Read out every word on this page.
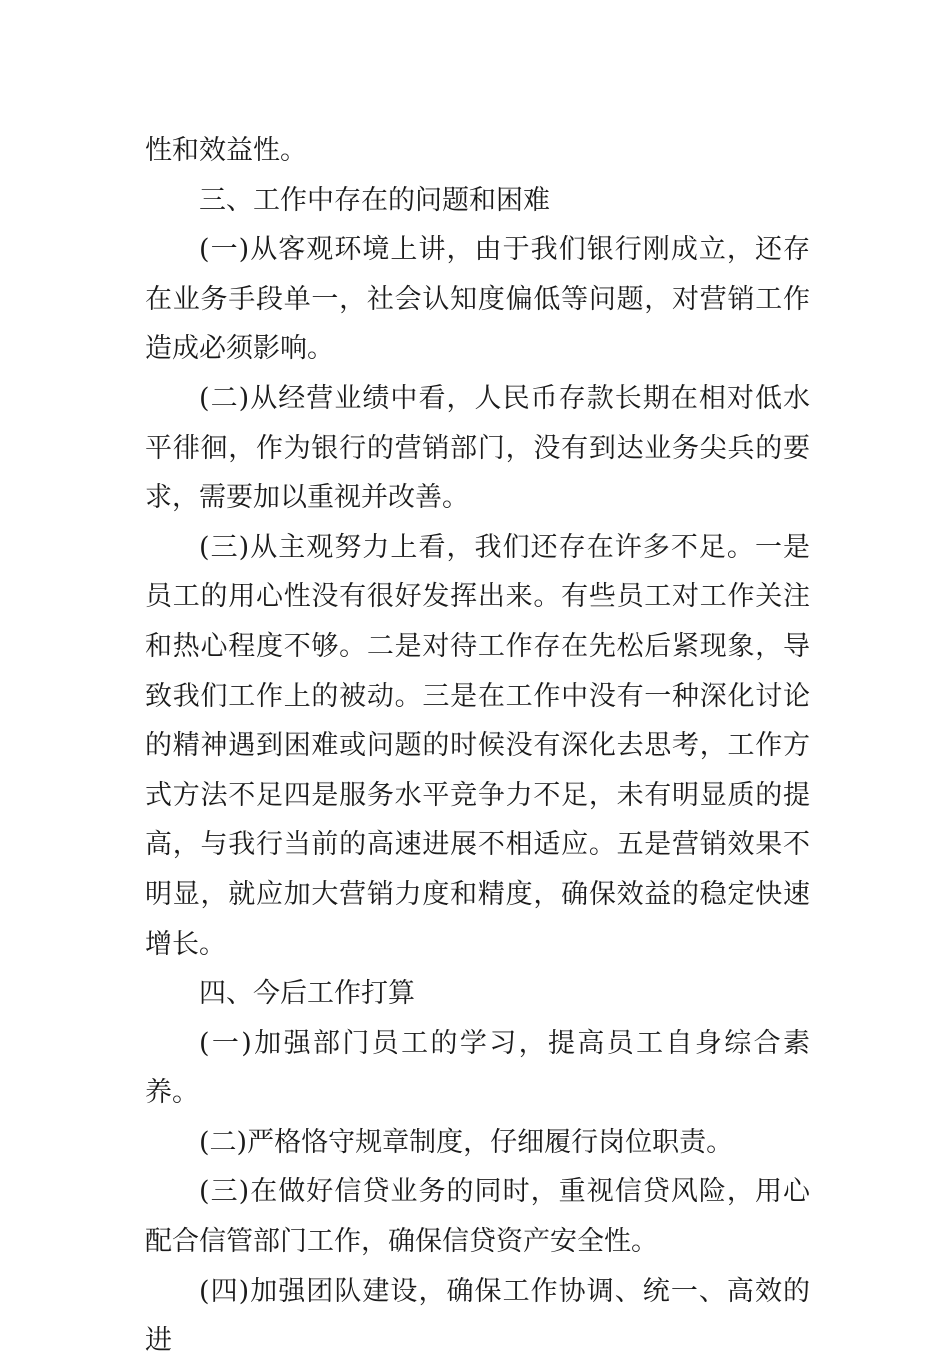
性和效益性。

三、工作中存在的问题和困难

(一)从客观环境上讲，由于我们银行刚成立，还存在业务手段单一，社会认知度偏低等问题，对营销工作造成必须影响。

(二)从经营业绩中看，人民币存款长期在相对低水平徘徊，作为银行的营销部门，没有到达业务尖兵的要求，需要加以重视并改善。

(三)从主观努力上看，我们还存在许多不足。一是员工的用心性没有很好发挥出来。有些员工对工作关注和热心程度不够。二是对待工作存在先松后紧现象，导致我们工作上的被动。三是在工作中没有一种深化讨论的精神遇到困难或问题的时候没有深化去思考，工作方式方法不足四是服务水平竞争力不足，未有明显质的提高，与我行当前的高速进展不相适应。五是营销效果不明显，就应加大营销力度和精度，确保效益的稳定快速增长。

四、今后工作打算

(一)加强部门员工的学习，提高员工自身综合素养。

(二)严格恪守规章制度，仔细履行岗位职责。

(三)在做好信贷业务的同时，重视信贷风险，用心配合信管部门工作，确保信贷资产安全性。

(四)加强团队建设，确保工作协调、统一、高效的进
